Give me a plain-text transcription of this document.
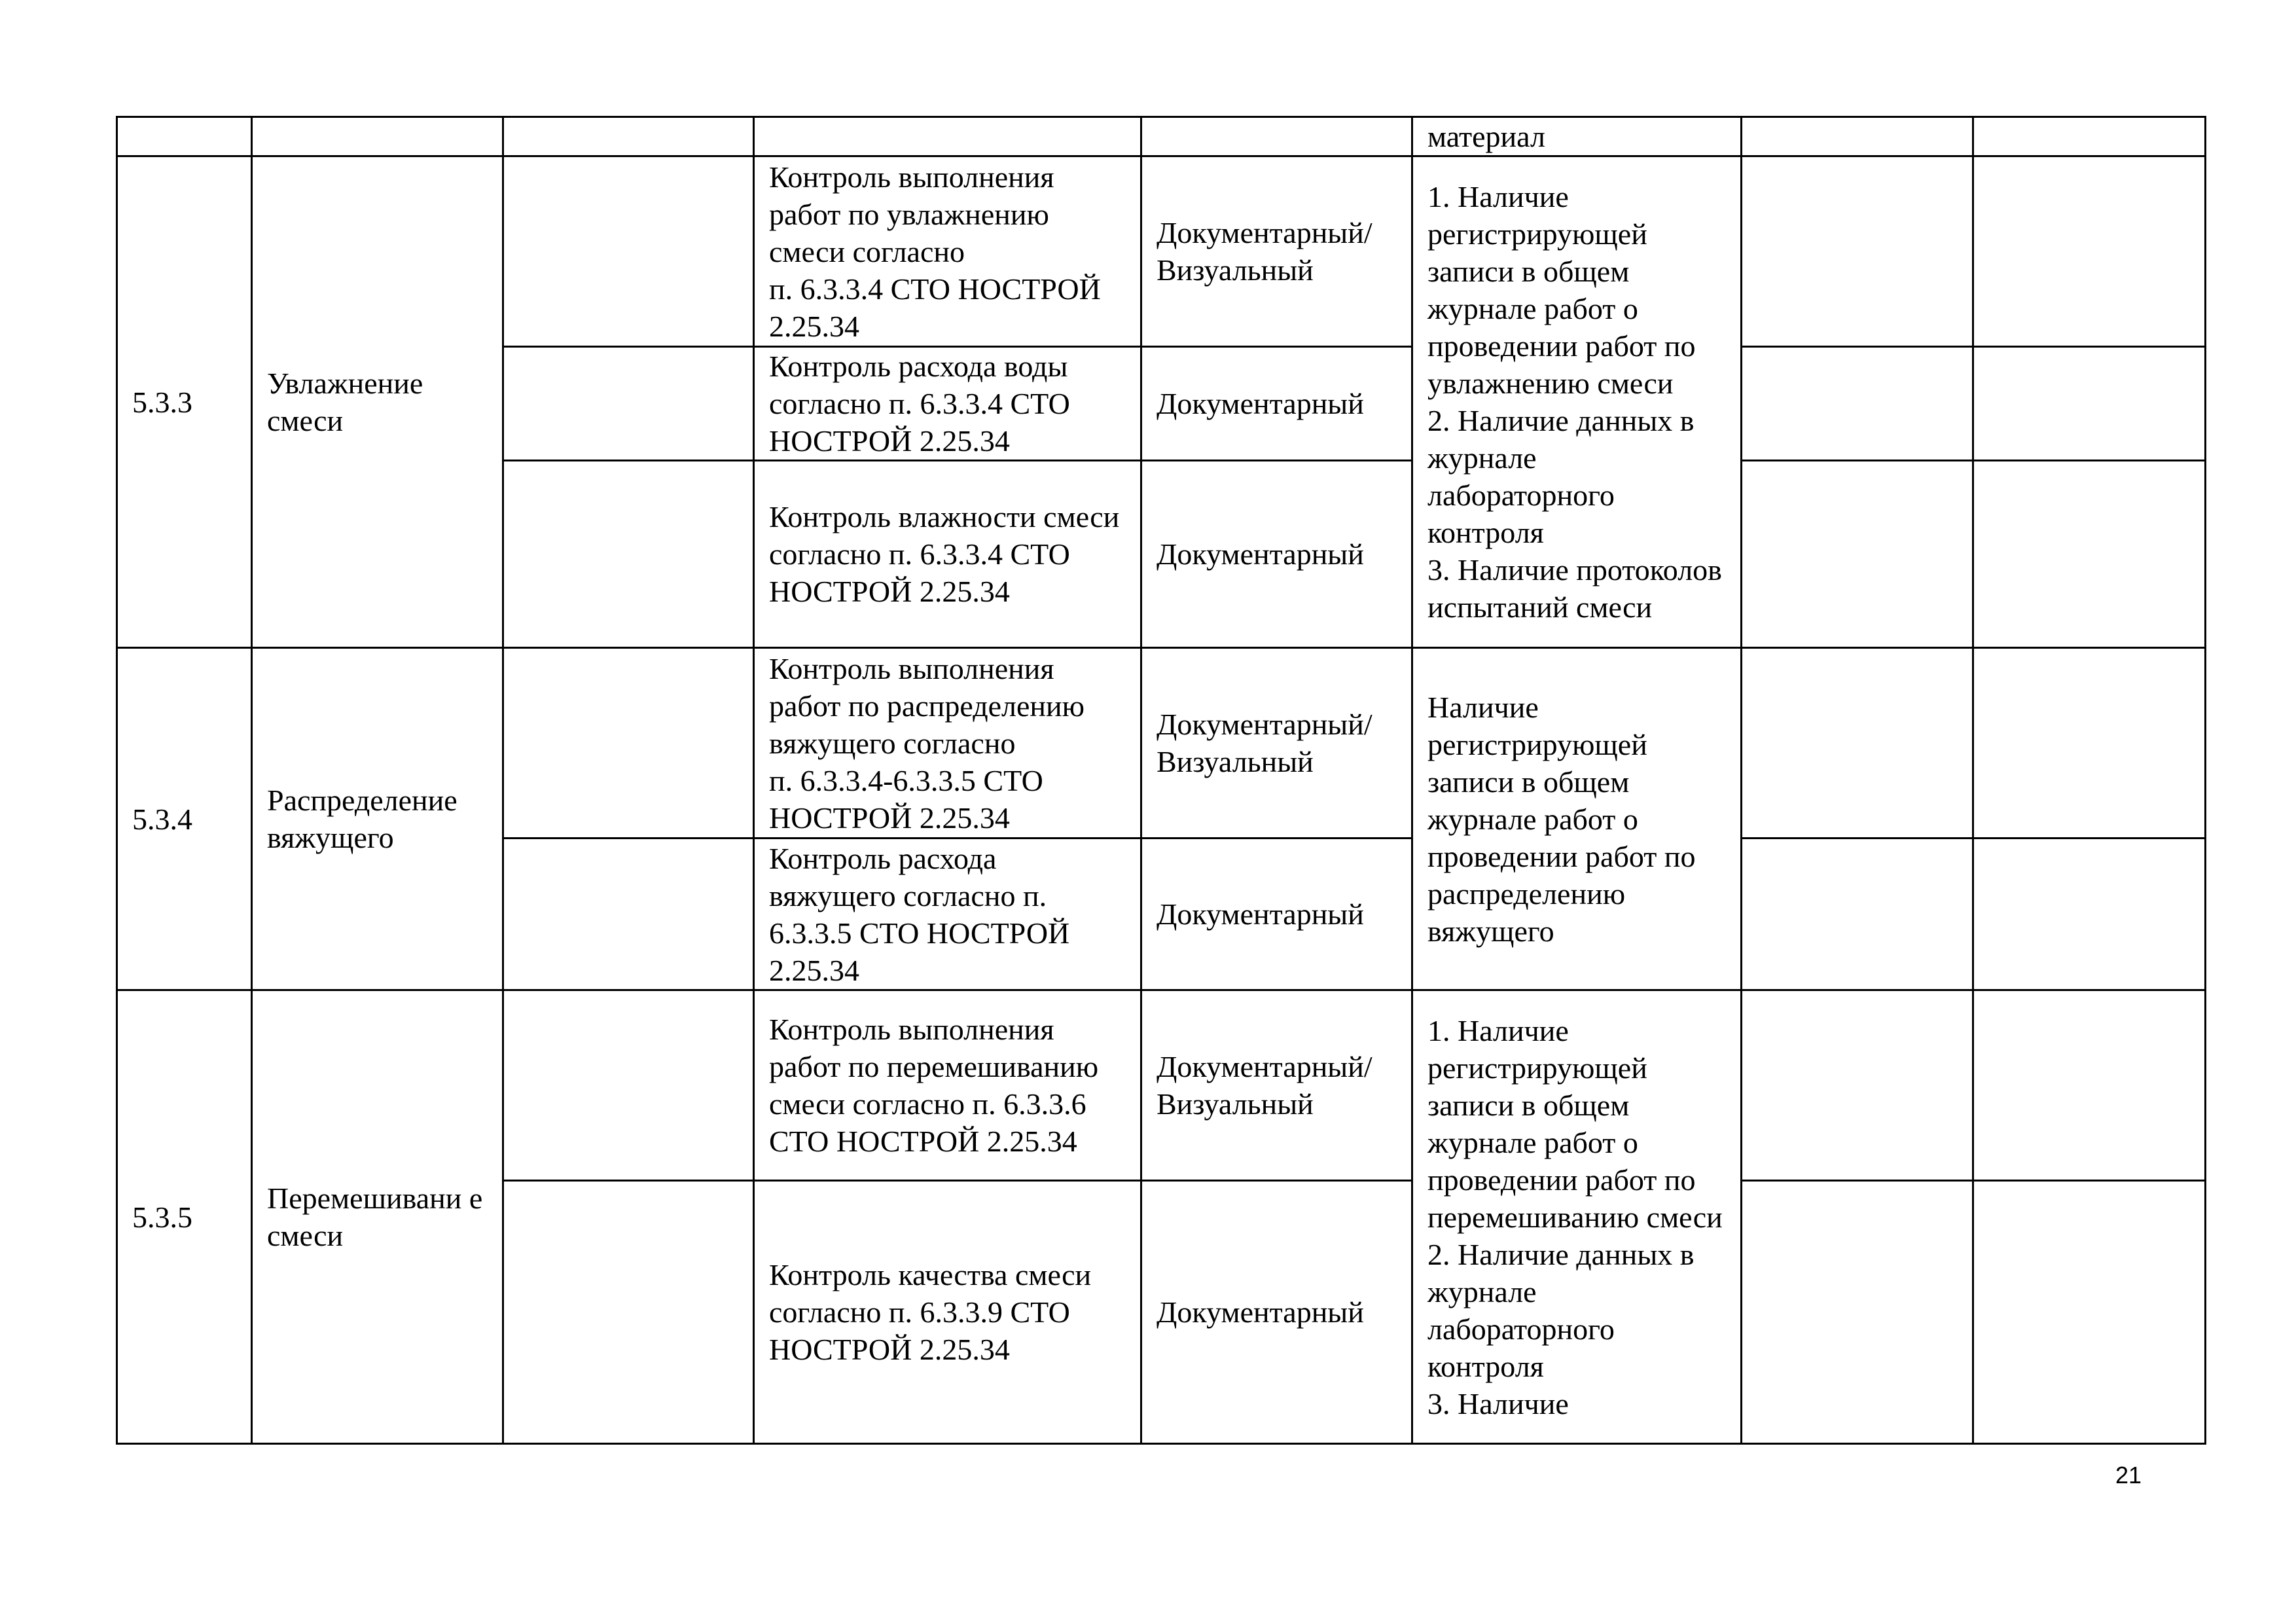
					материал		
5.3.3	Увлажнение смеси		Контроль выполнения работ по увлажнению смеси согласно
п. 6.3.3.4 СТО НОСТРОЙ 2.25.34	Документарный/
Визуальный	1. Наличие регистрирующей записи в общем журнале работ о проведении работ по увлажнению смеси
2. Наличие данных в журнале лабораторного контроля
3. Наличие протоколов испытаний смеси		
			Контроль расхода воды согласно п. 6.3.3.4 СТО НОСТРОЙ 2.25.34	Документарный			
			Контроль влажности смеси согласно п. 6.3.3.4 СТО НОСТРОЙ 2.25.34	Документарный			
5.3.4	Распределение вяжущего		Контроль выполнения работ по распределению вяжущего согласно
п. 6.3.3.4-6.3.3.5 СТО НОСТРОЙ 2.25.34	Документарный/
Визуальный	Наличие регистрирующей записи в общем журнале работ о проведении работ по распределению вяжущего		
			Контроль расхода вяжущего согласно п. 6.3.3.5 СТО НОСТРОЙ 2.25.34	Документарный			
5.3.5	Перемешивани е смеси		Контроль выполнения работ по перемешиванию смеси согласно п. 6.3.3.6 СТО НОСТРОЙ 2.25.34	Документарный/
Визуальный	1. Наличие регистрирующей записи в общем журнале работ о проведении работ по перемешиванию смеси
2. Наличие данных в журнале лабораторного контроля
3. Наличие		
			Контроль качества смеси согласно п. 6.3.3.9 СТО НОСТРОЙ 2.25.34	Документарный			
21
